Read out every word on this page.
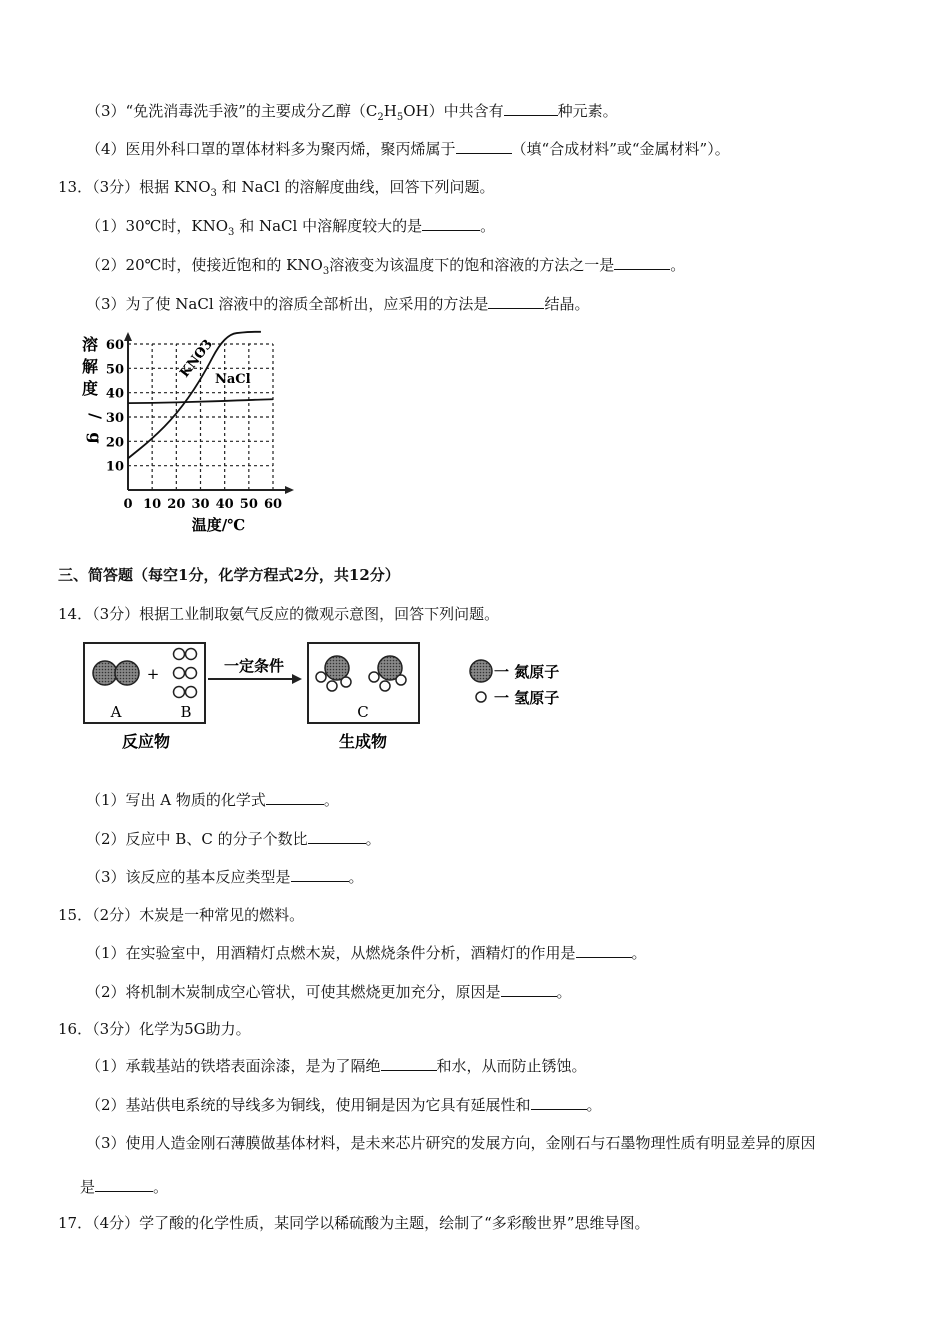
（3）“免洗消毒洗手液”的主要成分乙醇$(C_2H_5OH)$中共含有	种元素。
（4）医用外科口罩的罩体材料多为聚丙烯，聚丙烯属于	（填“合成材料”或“金属材料”）。
13．（3分）根据 $KNO_3$ 和 NaCl 的溶解度曲线，回答下列问题。
（1）30℃时，$KNO_3$ 和 NaCl 中溶解度较大的是	。
（2）20℃时，使接近饱和的 $KNO_3$溶液变为该温度下的饱和溶液的方法之一是	。
（3）为了使 NaCl 溶液中的溶质全部析出，应采用的方法是	结晶。
10
20
30
40
50
60
0 10 20 30 40 50 60
溶
解
度
/
g
温度/℃
KNO3 NaCl
三、简答题（每空1分，化学方程式2分，共12分）
14．（3分）根据工业制取氨气反应的微观示意图，回答下列问题。
+
A	B
反应物
一定条件
C
生成物
一 氮原子
一 氢原子
（1）写出 A 物质的化学式	。
（2）反应中 B、C 的分子个数比	。
（3）该反应的基本反应类型是	。
15．（2分）木炭是一种常见的燃料。
（1）在实验室中，用酒精灯点燃木炭，从燃烧条件分析，酒精灯的作用是	。
（2）将机制木炭制成空心管状，可使其燃烧更加充分，原因是	。
16．（3分）化学为5G助力。
（1）承载基站的铁塔表面涂漆，是为了隔绝	和水，从而防止锈蚀。
（2）基站供电系统的导线多为铜线，使用铜是因为它具有延展性和	。
（3）使用人造金刚石薄膜做基体材料，是未来芯片研究的发展方向，金刚石与石墨物理性质有明显差异的原因
是	。
17．（4分）学了酸的化学性质，某同学以稀硫酸为主题，绘制了“多彩酸世界”思维导图。
